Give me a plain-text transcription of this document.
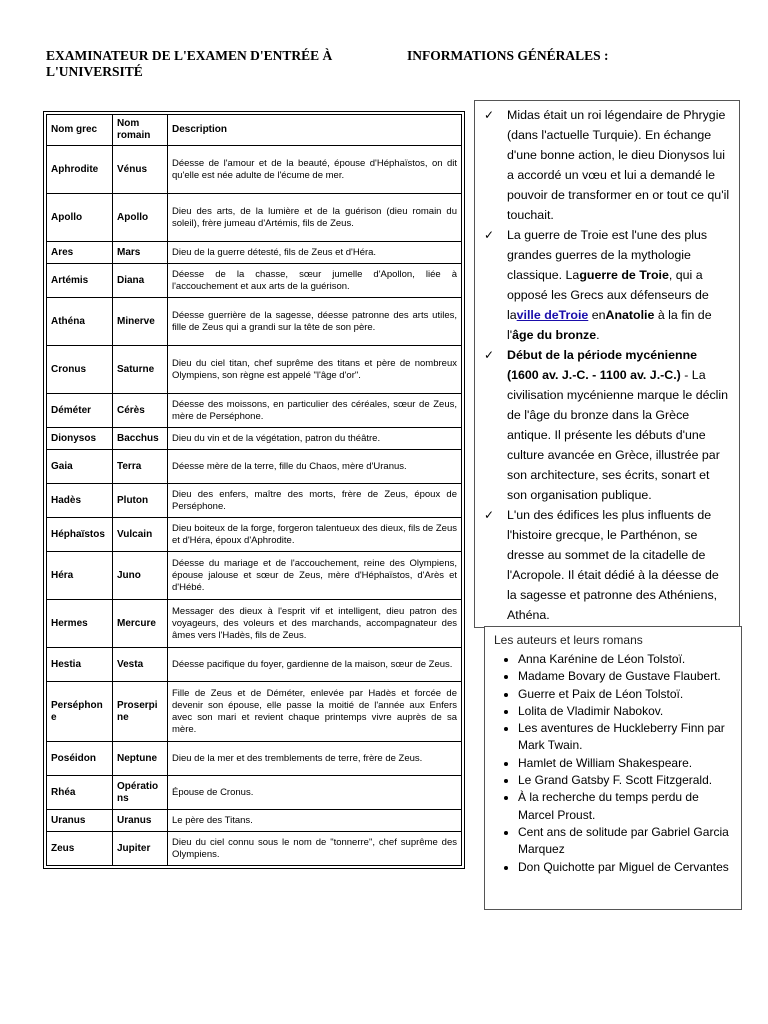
EXAMINATEUR DE L'EXAMEN D'ENTRÉE À L'UNIVERSITÉ
INFORMATIONS GÉNÉRALES :
Nom grec	Nom romain	Description
Aphrodite	Vénus	Déesse de l'amour et de la beauté, épouse d'Héphaïstos, on dit qu'elle est née adulte de l'écume de mer.
Apollo	Apollo	Dieu des arts, de la lumière et de la guérison (dieu romain du soleil), frère jumeau d'Artémis, fils de Zeus.
Ares	Mars	Dieu de la guerre détesté, fils de Zeus et d'Héra.
Artémis	Diana	Déesse de la chasse, sœur jumelle d'Apollon, liée à l'accouchement et aux arts de la guérison.
Athéna	Minerve	Déesse guerrière de la sagesse, déesse patronne des arts utiles, fille de Zeus qui a grandi sur la tête de son père.
Cronus	Saturne	Dieu du ciel titan, chef suprême des titans et père de nombreux Olympiens, son règne est appelé "l'âge d'or".
Déméter	Cérès	Déesse des moissons, en particulier des céréales, sœur de Zeus, mère de Perséphone.
Dionysos	Bacchus	Dieu du vin et de la végétation, patron du théâtre.
Gaia	Terra	Déesse mère de la terre, fille du Chaos, mère d'Uranus.
Hadès	Pluton	Dieu des enfers, maître des morts, frère de Zeus, époux de Perséphone.
Héphaïstos	Vulcain	Dieu boiteux de la forge, forgeron talentueux des dieux, fils de Zeus et d'Héra, époux d'Aphrodite.
Héra	Juno	Déesse du mariage et de l'accouchement, reine des Olympiens, épouse jalouse et sœur de Zeus, mère d'Héphaïstos, d'Arès et d'Hébé.
Hermes	Mercure	Messager des dieux à l'esprit vif et intelligent, dieu patron des voyageurs, des voleurs et des marchands, accompagnateur des âmes vers l'Hadès, fils de Zeus.
Hestia	Vesta	Déesse pacifique du foyer, gardienne de la maison, sœur de Zeus.
Perséphone	Proserpine	Fille de Zeus et de Déméter, enlevée par Hadès et forcée de devenir son épouse, elle passe la moitié de l'année aux Enfers avec son mari et revient chaque printemps vivre auprès de sa mère.
Poséidon	Neptune	Dieu de la mer et des tremblements de terre, frère de Zeus.
Rhéa	Opérations	Épouse de Cronus.
Uranus	Uranus	Le père des Titans.
Zeus	Jupiter	Dieu du ciel connu sous le nom de "tonnerre", chef suprême des Olympiens.
✓ Midas était un roi légendaire de Phrygie (dans l'actuelle Turquie). En échange d'une bonne action, le dieu Dionysos lui a accordé un vœu et lui a demandé le pouvoir de transformer en or tout ce qu'il touchait.
✓ La guerre de Troie est l'une des plus grandes guerres de la mythologie classique. Laguerre de Troie, qui a opposé les Grecs aux défenseurs de laville deTroie enAnatolie à la fin de l'âge du bronze.
✓ Début de la période mycénienne (1600 av. J.-C. - 1100 av. J.-C.) - La civilisation mycénienne marque le déclin de l'âge du bronze dans la Grèce antique. Il présente les débuts d'une culture avancée en Grèce, illustrée par son architecture, ses écrits, sonart et son organisation publique.
✓ L'un des édifices les plus influents de l'histoire grecque, le Parthénon, se dresse au sommet de la citadelle de l'Acropole. Il était dédié à la déesse de la sagesse et patronne des Athéniens, Athéna.

Les auteurs et leurs romans

• Anna Karénine de Léon Tolstoï.
• Madame Bovary de Gustave Flaubert.
• Guerre et Paix de Léon Tolstoï.
• Lolita de Vladimir Nabokov.
• Les aventures de Huckleberry Finn par Mark Twain.
• Hamlet de William Shakespeare.
• Le Grand Gatsby F. Scott Fitzgerald.
• À la recherche du temps perdu de Marcel Proust.
• Cent ans de solitude par Gabriel Garcia Marquez
• Don Quichotte par Miguel de Cervantes
